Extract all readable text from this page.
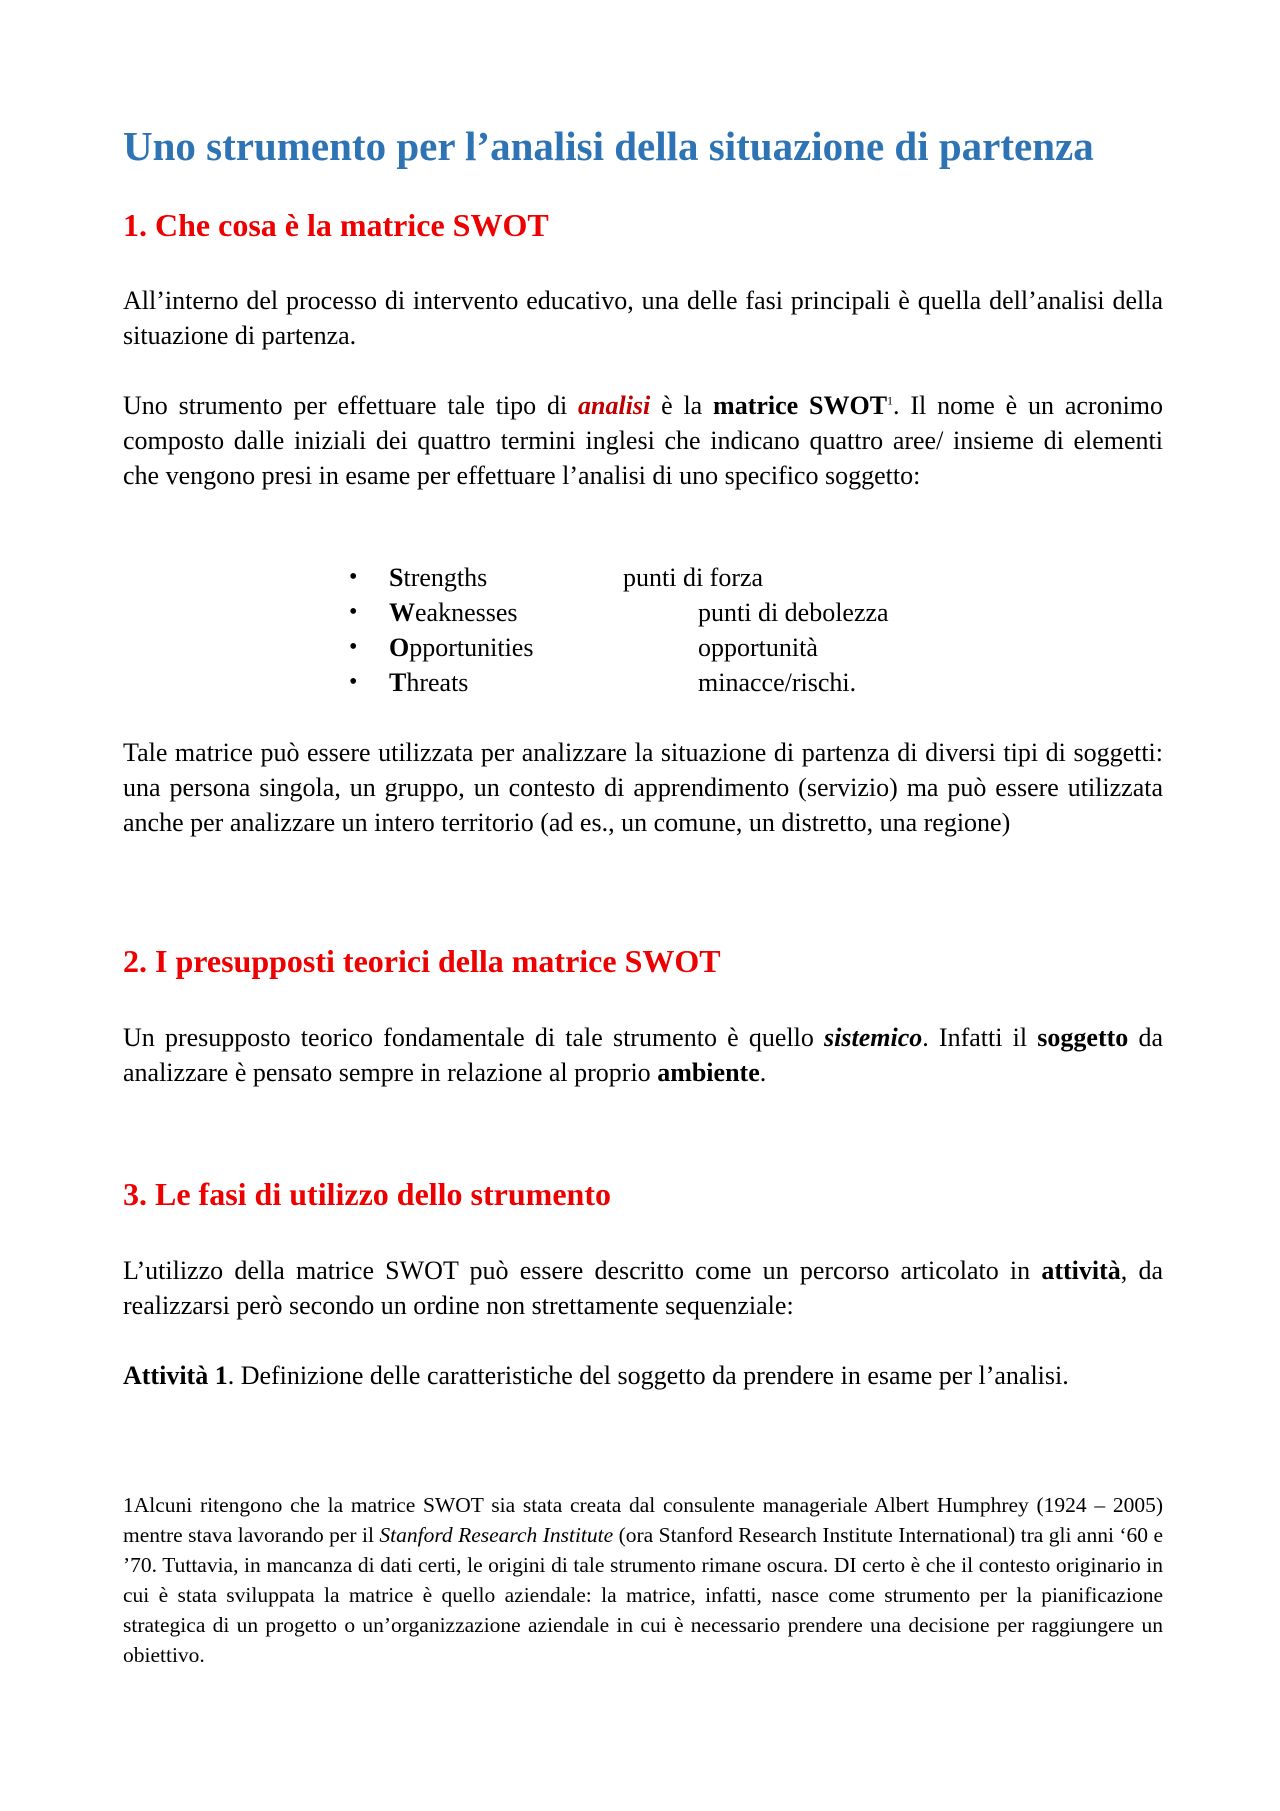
Uno strumento per l’analisi della situazione di partenza
1. Che cosa è la matrice SWOT

All’interno del processo di intervento educativo, una delle fasi principali è quella dell’analisi della situazione di partenza.

Uno strumento per effettuare tale tipo di analisi è la matrice SWOT$^1$. Il nome è un acronimo composto dalle iniziali dei quattro termini inglesi che indicano quattro aree/ insieme di elementi che vengono presi in esame per effettuare l’analisi di uno specifico soggetto:

• Strengths	punti di forza
• Weaknesses	punti di debolezza
• Opportunities	opportunità
• Threats	minacce/rischi.

Tale matrice può essere utilizzata per analizzare la situazione di partenza di diversi tipi di soggetti: una persona singola, un gruppo, un contesto di apprendimento (servizio) ma può essere utilizzata anche per analizzare un intero territorio (ad es., un comune, un distretto, una regione)

2. I presupposti teorici della matrice SWOT

Un presupposto teorico fondamentale di tale strumento è quello sistemico. Infatti il soggetto da analizzare è pensato sempre in relazione al proprio ambiente.

3. Le fasi di utilizzo dello strumento

L’utilizzo della matrice SWOT può essere descritto come un percorso articolato in attività, da realizzarsi però secondo un ordine non strettamente sequenziale:

Attività 1. Definizione delle caratteristiche del soggetto da prendere in esame per l’analisi.

1Alcuni ritengono che la matrice SWOT sia stata creata dal consulente manageriale Albert Humphrey (1924 – 2005) mentre stava lavorando per il Stanford Research Institute (ora Stanford Research Institute International) tra gli anni ‘60 e ’70. Tuttavia, in mancanza di dati certi, le origini di tale strumento rimane oscura. DI certo è che il contesto originario in cui è stata sviluppata la matrice è quello aziendale: la matrice, infatti, nasce come strumento per la pianificazione strategica di un progetto o un’organizzazione aziendale in cui è necessario prendere una decisione per raggiungere un obiettivo.
